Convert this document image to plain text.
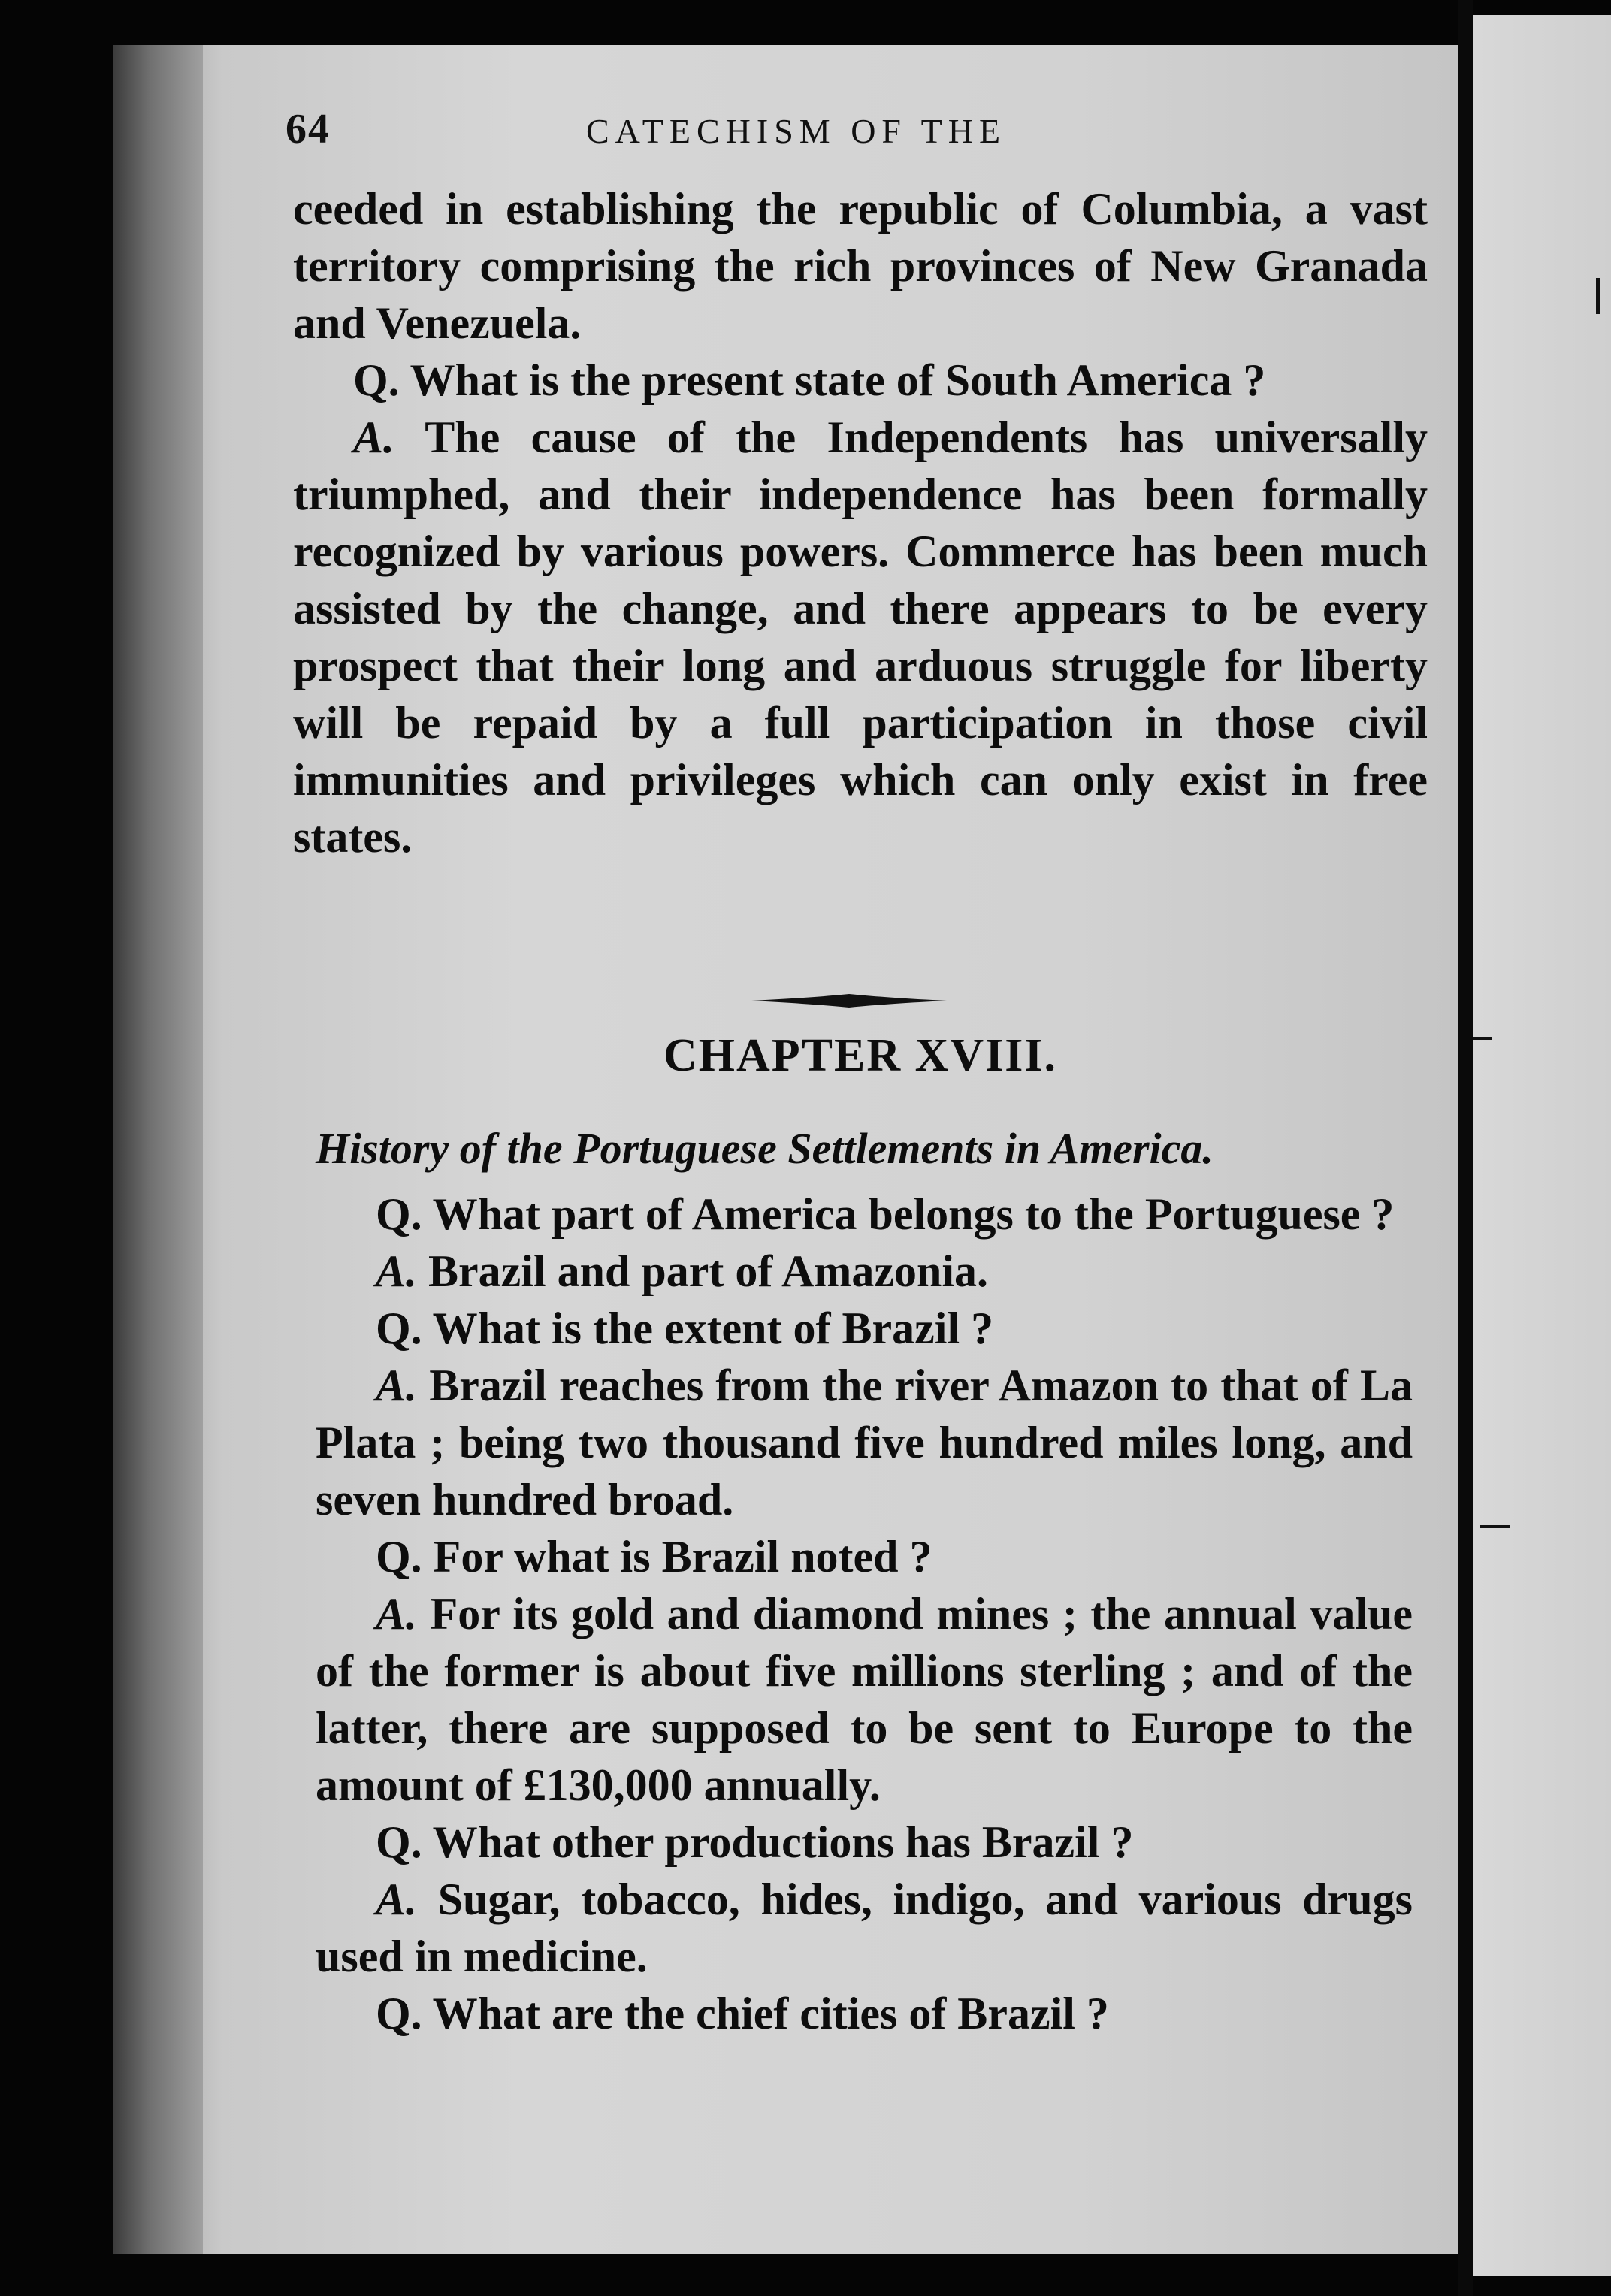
64	CATECHISM OF THE

ceeded in establishing the republic of Columbia, a vast territory comprising the rich provinces of New Granada and Venezuela.

Q. What is the present state of South America ?

A. The cause of the Independents has universally triumphed, and their independence has been formally recognized by various powers. Commerce has been much assisted by the change, and there appears to be every prospect that their long and arduous struggle for liberty will be repaid by a full participation in those civil immunities and privileges which can only exist in free states.

CHAPTER XVIII.
History of the Portuguese Settlements in America.

Q. What part of America belongs to the Portuguese ?

A. Brazil and part of Amazonia.

Q. What is the extent of Brazil ?

A. Brazil reaches from the river Amazon to that of La Plata ; being two thousand five hundred miles long, and seven hundred broad.

Q. For what is Brazil noted ?

A. For its gold and diamond mines ; the annual value of the former is about five millions sterling ; and of the latter, there are supposed to be sent to Europe to the amount of £130,000 annually.

Q. What other productions has Brazil ?

A. Sugar, tobacco, hides, indigo, and various drugs used in medicine.

Q. What are the chief cities of Brazil ?
